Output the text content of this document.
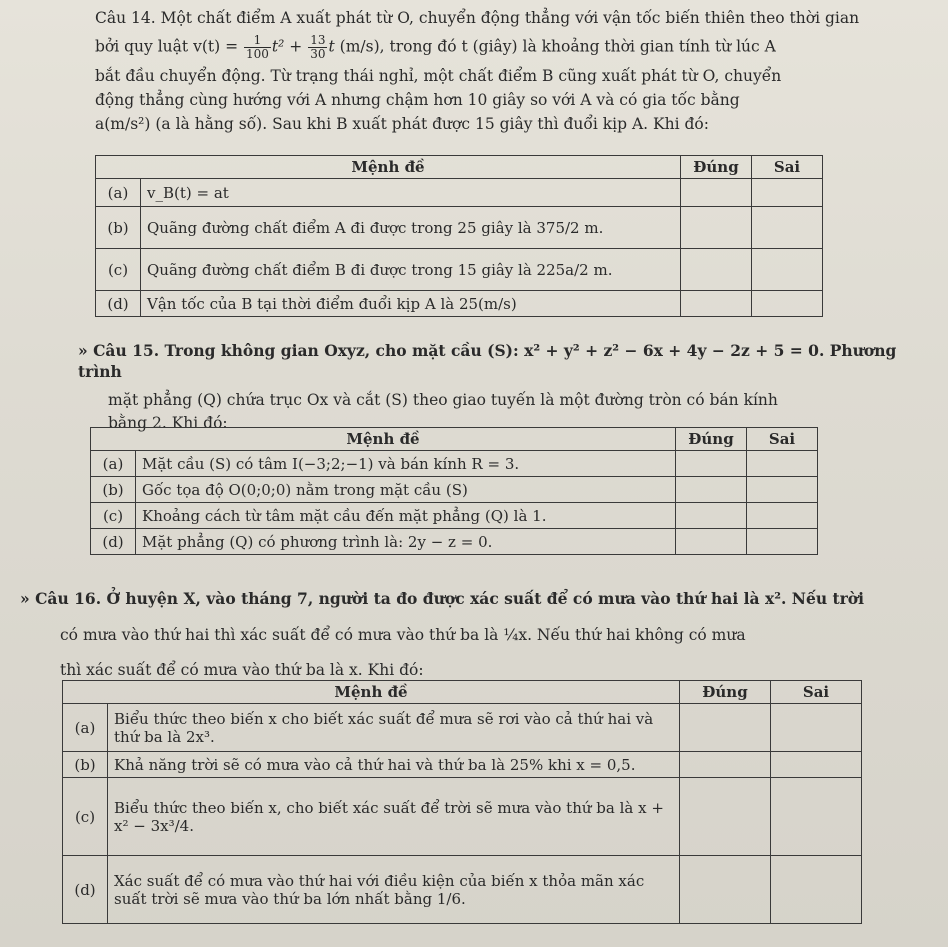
Câu 14. Một chất điểm A xuất phát từ O, chuyển động thẳng với vận tốc biến thiên theo thời gian
bởi quy luật $v(t) = \frac{1}{100} t^2 + \frac{13}{30}$ t (m/s), trong đó t (giây) là khoảng thời gian tính từ lúc A
bắt đầu chuyển động. Từ trạng thái nghỉ, một chất điểm B cũng xuất phát từ O, chuyển
động thẳng cùng hướng với A nhưng chậm hơn 10 giây so với A và có gia tốc bằng
a(m/s²) (a là hằng số). Sau khi B xuất phát được 15 giây thì đuổi kịp A. Khi đó:
Mệnh đề		Đúng	Sai
(a)	v_B(t) = at		
(b)	Quãng đường chất điểm A đi được trong 25 giây là 375/2 m.		
(c)	Quãng đường chất điểm B đi được trong 15 giây là 225a/2 m.		
(d)	Vận tốc của B tại thời điểm đuổi kịp A là 25(m/s)		
» Câu 15. Trong không gian Oxyz, cho mặt cầu (S): x² + y² + z² − 6x + 4y − 2z + 5 = 0. Phương trình
mặt phẳng (Q) chứa trục Ox và cắt (S) theo giao tuyến là một đường tròn có bán kính
bằng 2. Khi đó:
Mệnh đề		Đúng	Sai
(a)	Mặt cầu (S) có tâm I(−3;2;−1) và bán kính R = 3.		
(b)	Gốc tọa độ O(0;0;0) nằm trong mặt cầu (S)		
(c)	Khoảng cách từ tâm mặt cầu đến mặt phẳng (Q) là 1.		
(d)	Mặt phẳng (Q) có phương trình là: 2y − z = 0.		
» Câu 16. Ở huyện X, vào tháng 7, người ta đo được xác suất để có mưa vào thứ hai là x². Nếu trời
có mưa vào thứ hai thì xác suất để có mưa vào thứ ba là ¼x. Nếu thứ hai không có mưa
thì xác suất để có mưa vào thứ ba là x. Khi đó:
Mệnh đề		Đúng	Sai
(a)	Biểu thức theo biến x cho biết xác suất để mưa sẽ rơi vào cả thứ hai và thứ ba là 2x³.		
(b)	Khả năng trời sẽ có mưa vào cả thứ hai và thứ ba là 25% khi x = 0,5.		
(c)	Biểu thức theo biến x, cho biết xác suất để trời sẽ mưa vào thứ ba là x + x² − 3x³/4.		
(d)	Xác suất để có mưa vào thứ hai với điều kiện của biến x thỏa mãn xác suất trời sẽ mưa vào thứ ba lớn nhất bằng 1/6.		
